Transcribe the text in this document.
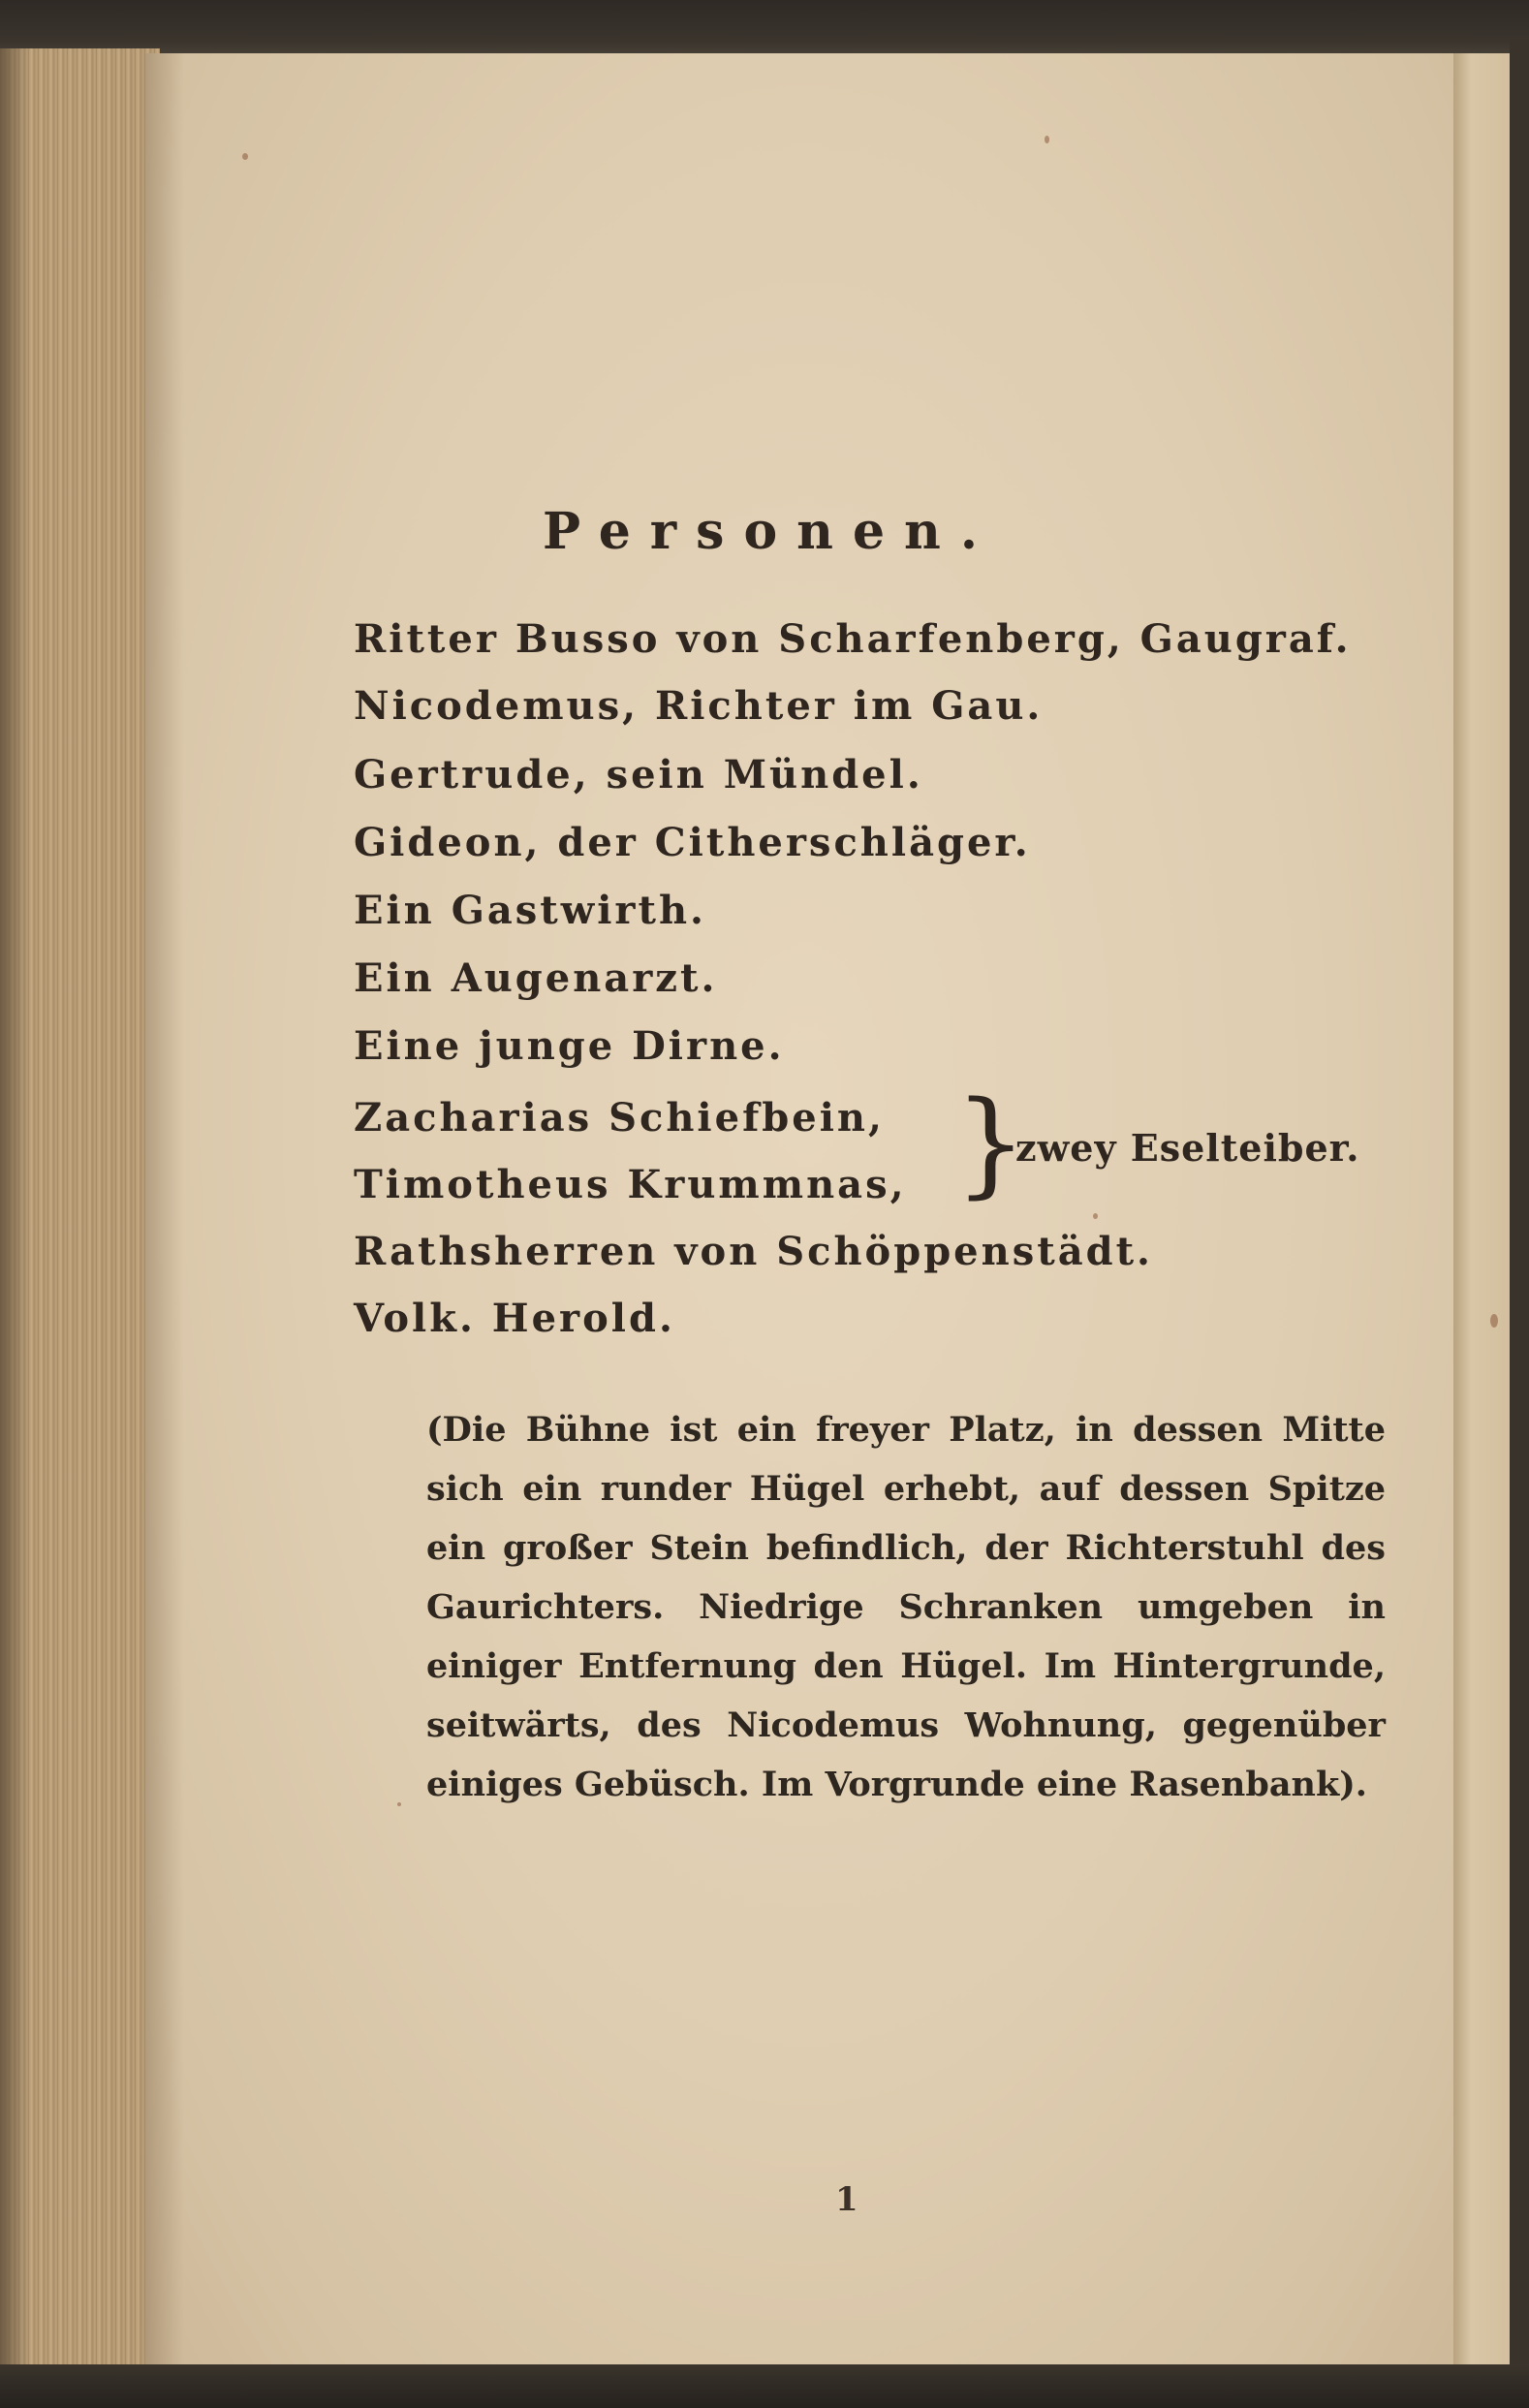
Personen.
Ritter Busso von Scharfenberg, Gaugraf.
Nicodemus, Richter im Gau.
Gertrude, sein Mündel.
Gideon, der Citherschläger.
Ein Gastwirth.
Ein Augenarzt.
Eine junge Dirne.
Zacharias Schiefbein,
Timotheus Krummnas,
Rathsherren von Schöppenstädt.
Volk. Herold.
}
zwey Eselteiber.
(Die Bühne ist ein freyer Platz, in dessen Mitte sich ein runder Hügel erhebt, auf dessen Spitze ein großer Stein befindlich, der Richterstuhl des Gaurichters. Niedrige Schranken umgeben in einiger Entfernung den Hügel. Im Hintergrunde, seitwärts, des Nicodemus Wohnung, gegenüber einiges Gebüsch. Im Vorgrunde eine Rasenbank).
1
